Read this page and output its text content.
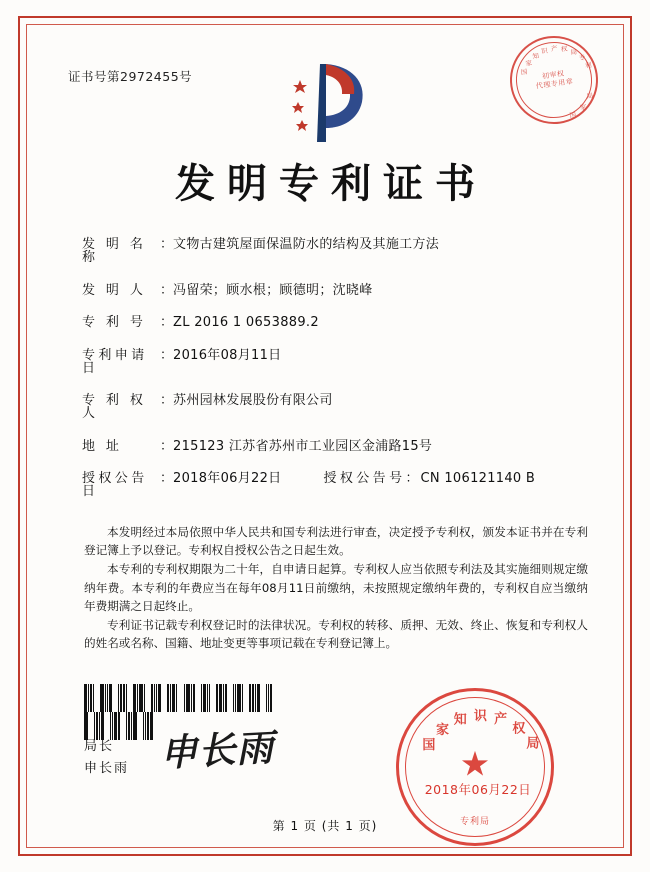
证书号第2972455号	国
家
知
识 产 权 局
专
利
局
家
国
初审权
代理专用章
发明专利证书
发 明 名 称
： 文物古建筑屋面保温防水的结构及其施工方法
发 明 人	： 冯留荣；顾水根；顾德明；沈晓峰
专 利 号	： ZL 2016 1 0653889.2
专利申请日
： 2016年08月11日
专 利 权 人
： 苏州园林发展股份有限公司
地 址	： 215123 江苏省苏州市工业园区金浦路15号
授权公告日
： 2018年06月22日	授权公告号 ： CN 106121140 B

本发明经过本局依照中华人民共和国专利法进行审查，决定授予专利权，颁发本证书并在专利登记簿上予以登记。专利权自授权公告之日起生效。

本专利的专利权期限为二十年，自申请日起算。专利权人应当依照专利法及其实施细则规定缴纳年费。本专利的年费应当在每年08月11日前缴纳，未按照规定缴纳年费的，专利权自应当缴纳年费期满之日起终止。

专利证书记载专利权登记时的法律状况。专利权的转移、质押、无效、终止、恢复和专利权人的姓名或名称、国籍、地址变更等事项记载在专利登记簿上。

申长雨
局长
申长雨
国
家
知 识 产
权
局
★
专利局
2018年06月22日
第 1 页 (共 1 页)
